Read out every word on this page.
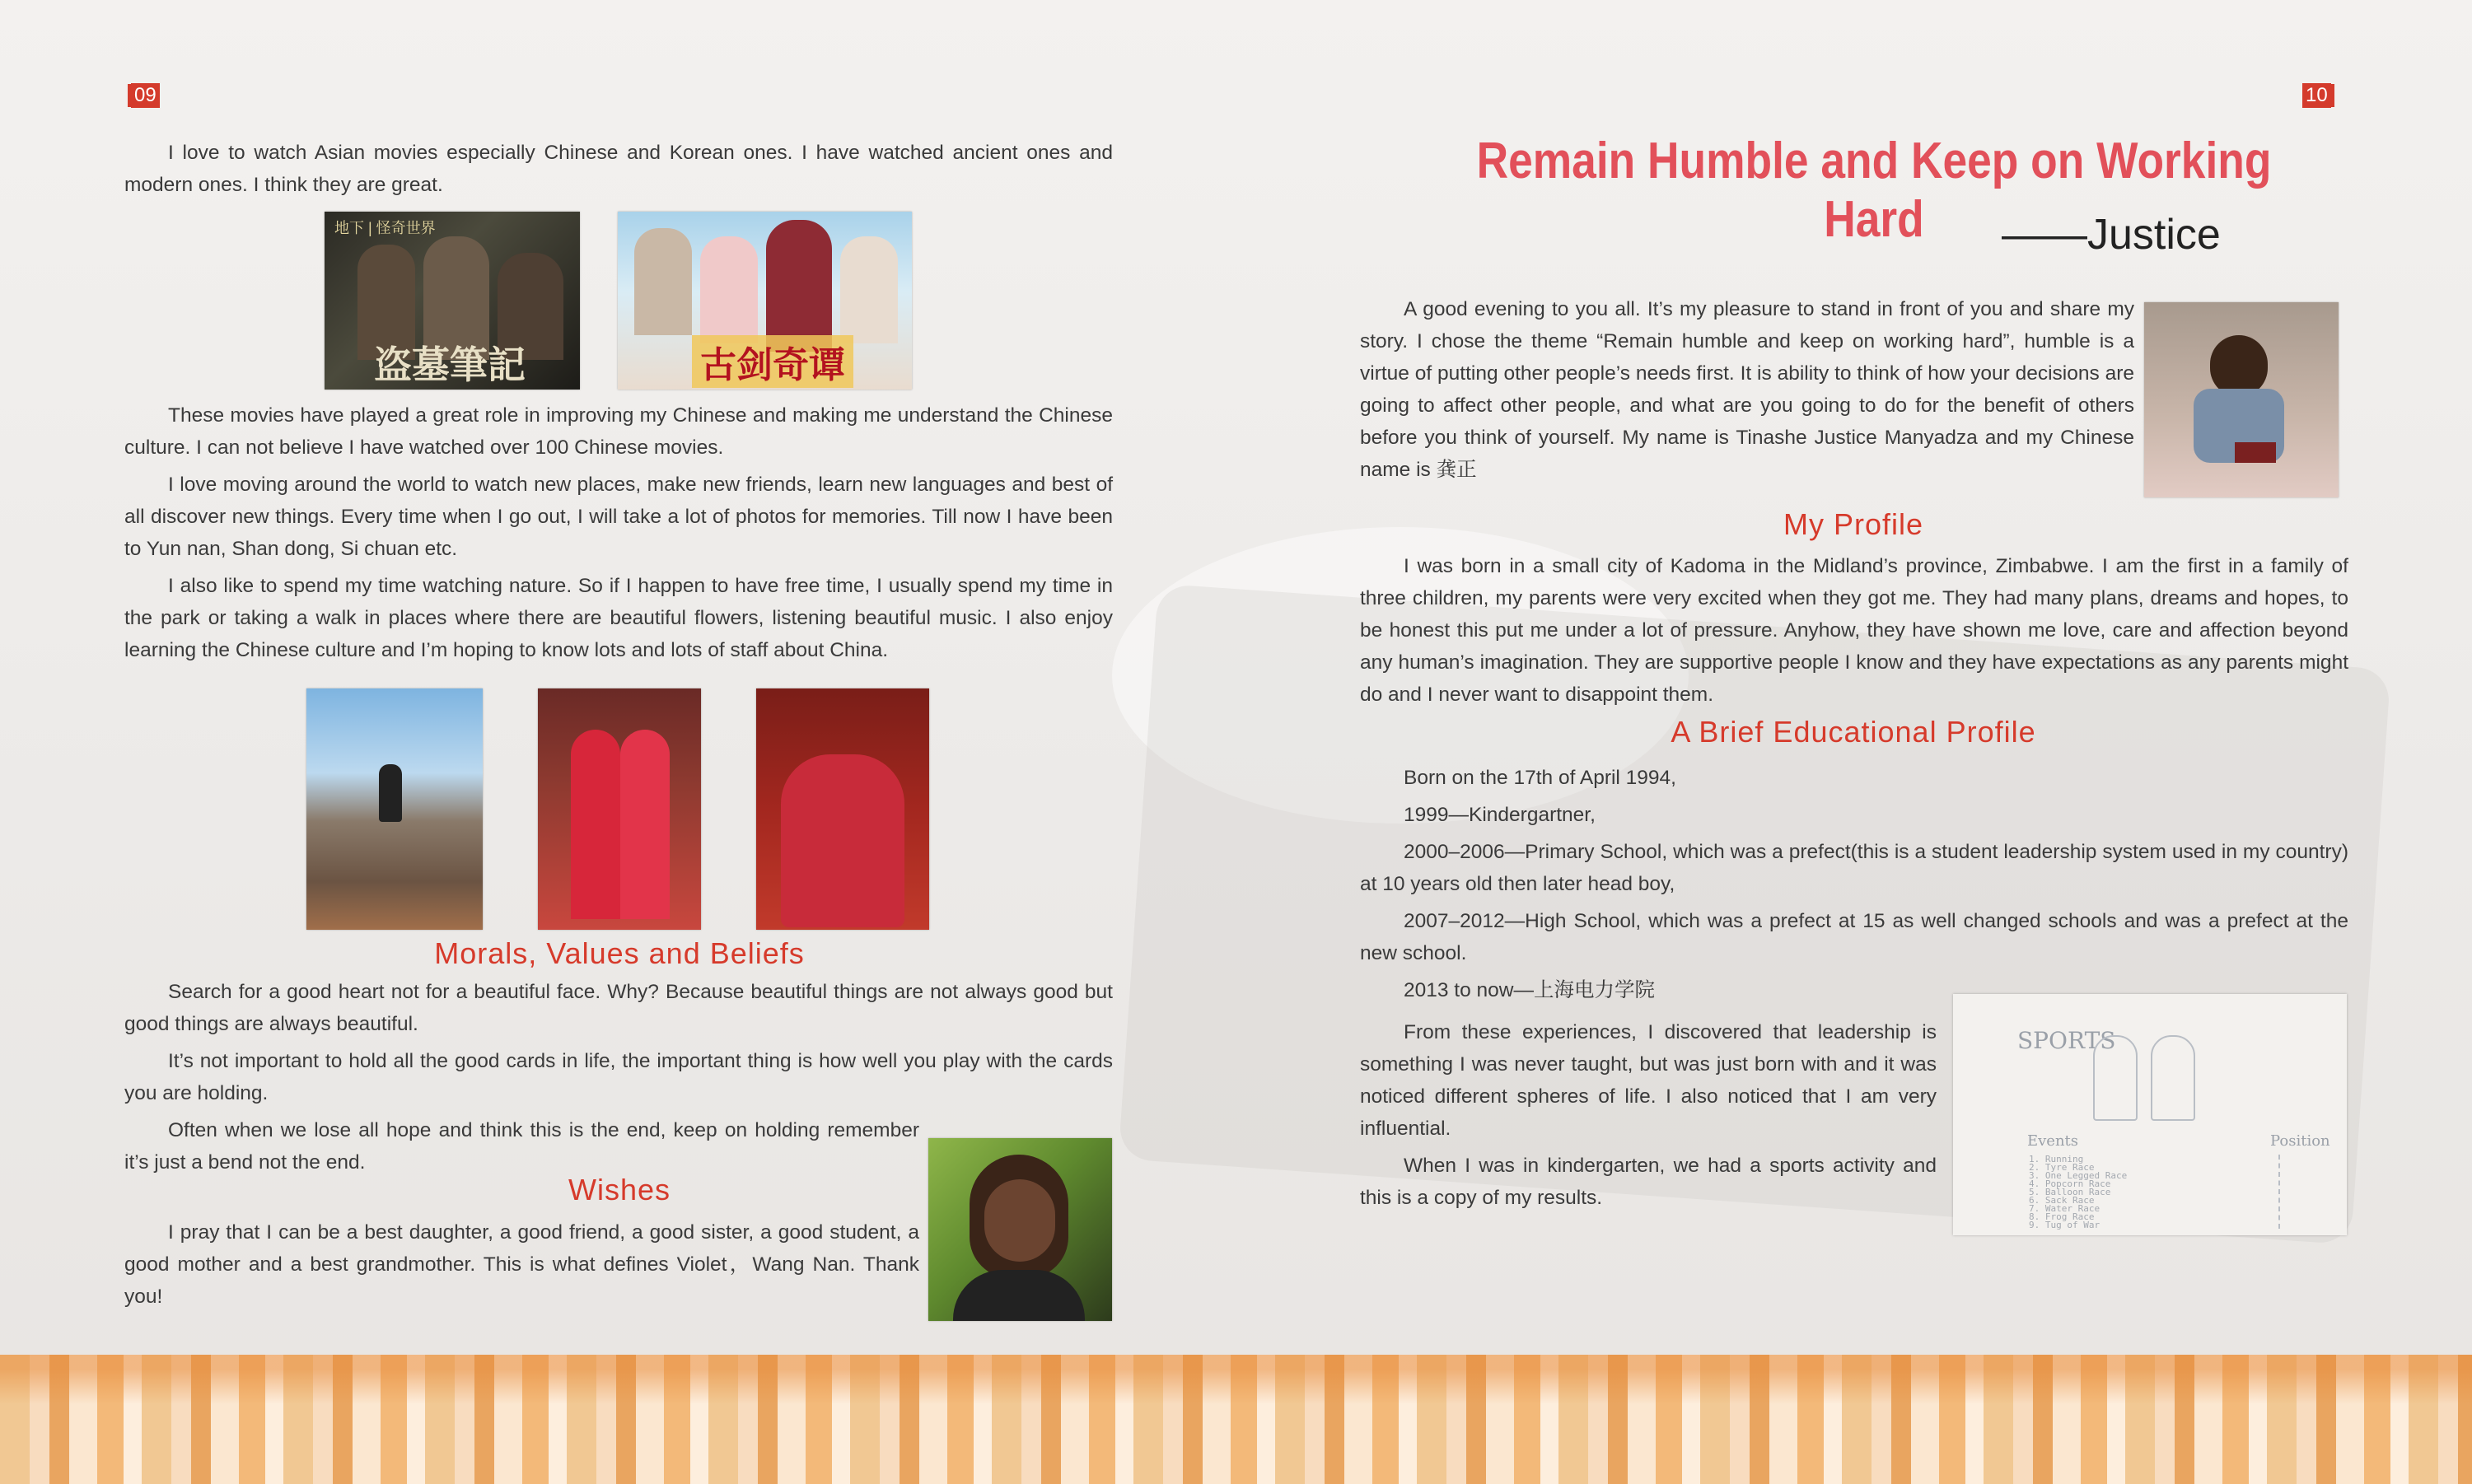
09

I love to watch Asian movies especially Chinese and Korean ones. I have watched ancient ones and modern ones. I think they are great.

地下 | 怪奇世界
盗墓筆記	古剑奇谭

These movies have played a great role in improving my Chinese and making me understand the Chinese culture. I can not believe I have watched over 100 Chinese movies.

I love moving around the world to watch new places, make new friends, learn new languages and best of all discover new things. Every time when I go out, I will take a lot of photos for memories. Till now I have been to Yun nan, Shan dong, Si chuan etc.

I also like to spend my time watching nature. So if I happen to have free time, I usually spend my time in the park or taking a walk in places where there are beautiful flowers, listening beautiful music. I also enjoy learning the Chinese culture and I’m hoping to know lots and lots of staff about China.

Morals, Values and Beliefs

Search for a good heart not for a beautiful face. Why? Because beautiful things are not always good but good things are always beautiful.

It’s not important to hold all the good cards in life, the important thing is how well you play with the cards you are holding.

Often when we lose all hope and think this is the end, keep on holding remember it’s just a bend not the end.

Wishes

I pray that I can be a best daughter, a good friend, a good sister, a good student, a good mother and a best grandmother. This is what defines Violet，Wang Nan. Thank you!

10
Remain Humble and Keep on Working Hard	——Justice

A good evening to you all. It’s my pleasure to stand in front of you and share my story. I chose the theme “Remain humble and keep on working hard”, humble is a virtue of putting other people’s needs first. It is ability to think of how your decisions are going to affect other people, and what are you going to do for the benefit of others before you think of yourself. My name is Tinashe Justice Manyadza and my Chinese name is 龚正

My Profile

I was born in a small city of Kadoma in the Midland’s province, Zimbabwe. I am the first in a family of three children, my parents were very excited when they got me. They had many plans, dreams and hopes, to be honest this put me under a lot of pressure. Anyhow, they have shown me love, care and affection beyond any human’s imagination. They are supportive people I know and they have expectations as any parents might do and I never want to disappoint them.

A Brief Educational Profile

Born on the 17th of April 1994,

1999—Kindergartner,

2000–2006—Primary School, which was a prefect(this is a student leadership system used in my country) at 10 years old then later head boy,

2007–2012—High School, which was a prefect at 15 as well changed schools and was a prefect at the new school.

2013 to now—上海电力学院

From these experiences, I discovered that leadership is something I was never taught, but was just born with and it was noticed different spheres of life. I also noticed that I am very influential.

When I was in kindergarten, we had a sports activity and this is a copy of my results.

SPORTS
Events	Position
1. Running
2. Tyre Race
3. One Legged Race
4. Popcorn Race
5. Balloon Race
6. Sack Race
7. Water Race
8. Frog Race
9. Tug of War
